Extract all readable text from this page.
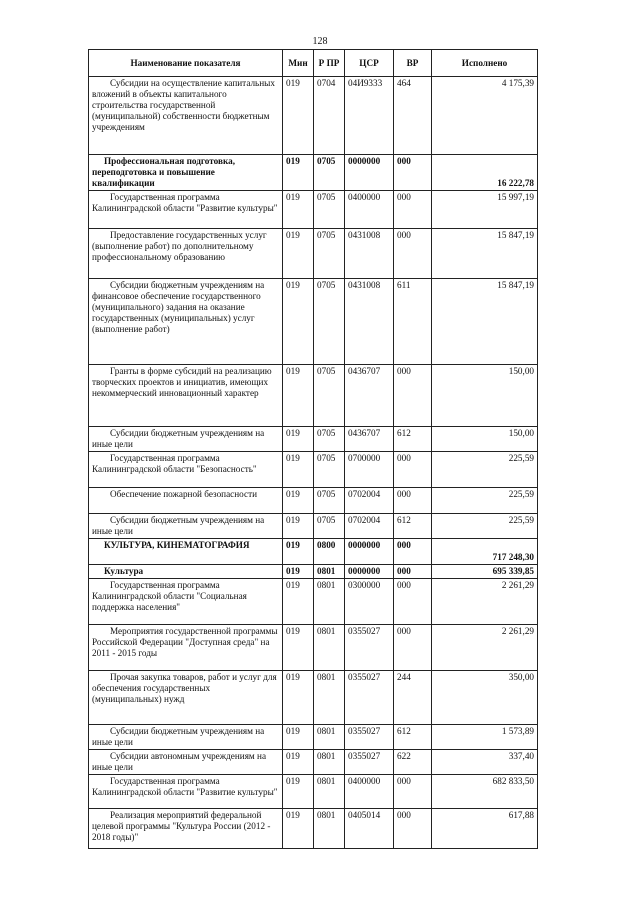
128
Наименование показателя	Мин	Р ПР	ЦСР	ВР	Исполнено

Субсидии на осуществление капитальных вложений в объекты капитального строительства государственной (муниципальной) собственности бюджетным учреждениям	019	0704	04И9333	464	4 175,39

Профессиональная подготовка, переподготовка и повышение квалификации	019	0705	0000000	000	16 222,78

Государственная программа Калининградской области "Развитие культуры"	019	0705	0400000	000	15 997,19

Предоставление государственных услуг (выполнение работ) по дополнительному профессиональному образованию	019	0705	0431008	000	15 847,19

Субсидии бюджетным учреждениям на финансовое обеспечение государственного (муниципального) задания на оказание государственных (муниципальных) услуг (выполнение работ)	019	0705	0431008	611	15 847,19

Гранты в форме субсидий на реализацию творческих проектов и инициатив, имеющих некоммерческий инновационный характер	019	0705	0436707	000	150,00

Субсидии бюджетным учреждениям на иные цели	019	0705	0436707	612	150,00

Государственная программа Калининградской области "Безопасность"	019	0705	0700000	000	225,59

Обеспечение пожарной безопасности	019	0705	0702004	000	225,59

Субсидии бюджетным учреждениям на иные цели	019	0705	0702004	612	225,59

КУЛЬТУРА, КИНЕМАТОГРАФИЯ	019	0800	0000000	000	717 248,30

Культура	019	0801	0000000	000	695 339,85

Государственная программа Калининградской области "Социальная поддержка населения"	019	0801	0300000	000	2 261,29

Мероприятия государственной программы Российской Федерации "Доступная среда" на 2011 - 2015 годы	019	0801	0355027	000	2 261,29

Прочая закупка товаров, работ и услуг для обеспечения государственных (муниципальных) нужд	019	0801	0355027	244	350,00

Субсидии бюджетным учреждениям на иные цели	019	0801	0355027	612	1 573,89

Субсидии автономным учреждениям на иные цели	019	0801	0355027	622	337,40

Государственная программа Калининградской области "Развитие культуры"	019	0801	0400000	000	682 833,50

Реализация мероприятий федеральной целевой программы "Культура России (2012 - 2018 годы)"	019	0801	0405014	000	617,88
